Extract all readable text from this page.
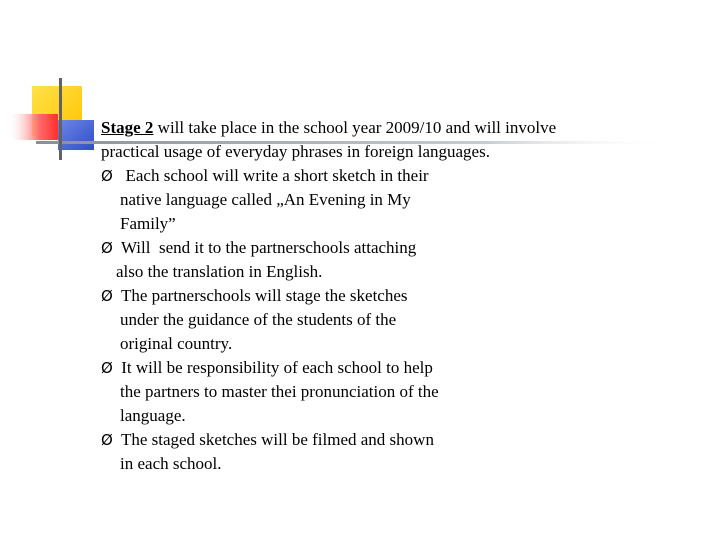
Stage 2 will take place in the school year 2009/10 and will involve
practical usage of everyday phrases in foreign languages.
Ø  Each school will write a short sketch in their
native language called „An Evening in My
Family”
Ø Will  send it to the partnerschools attaching
also the translation in English.
Ø The partnerschools will stage the sketches
under the guidance of the students of the
original country.
Ø It will be responsibility of each school to help
the partners to master thei pronunciation of the
language.
Ø The staged sketches will be filmed and shown
in each school.
